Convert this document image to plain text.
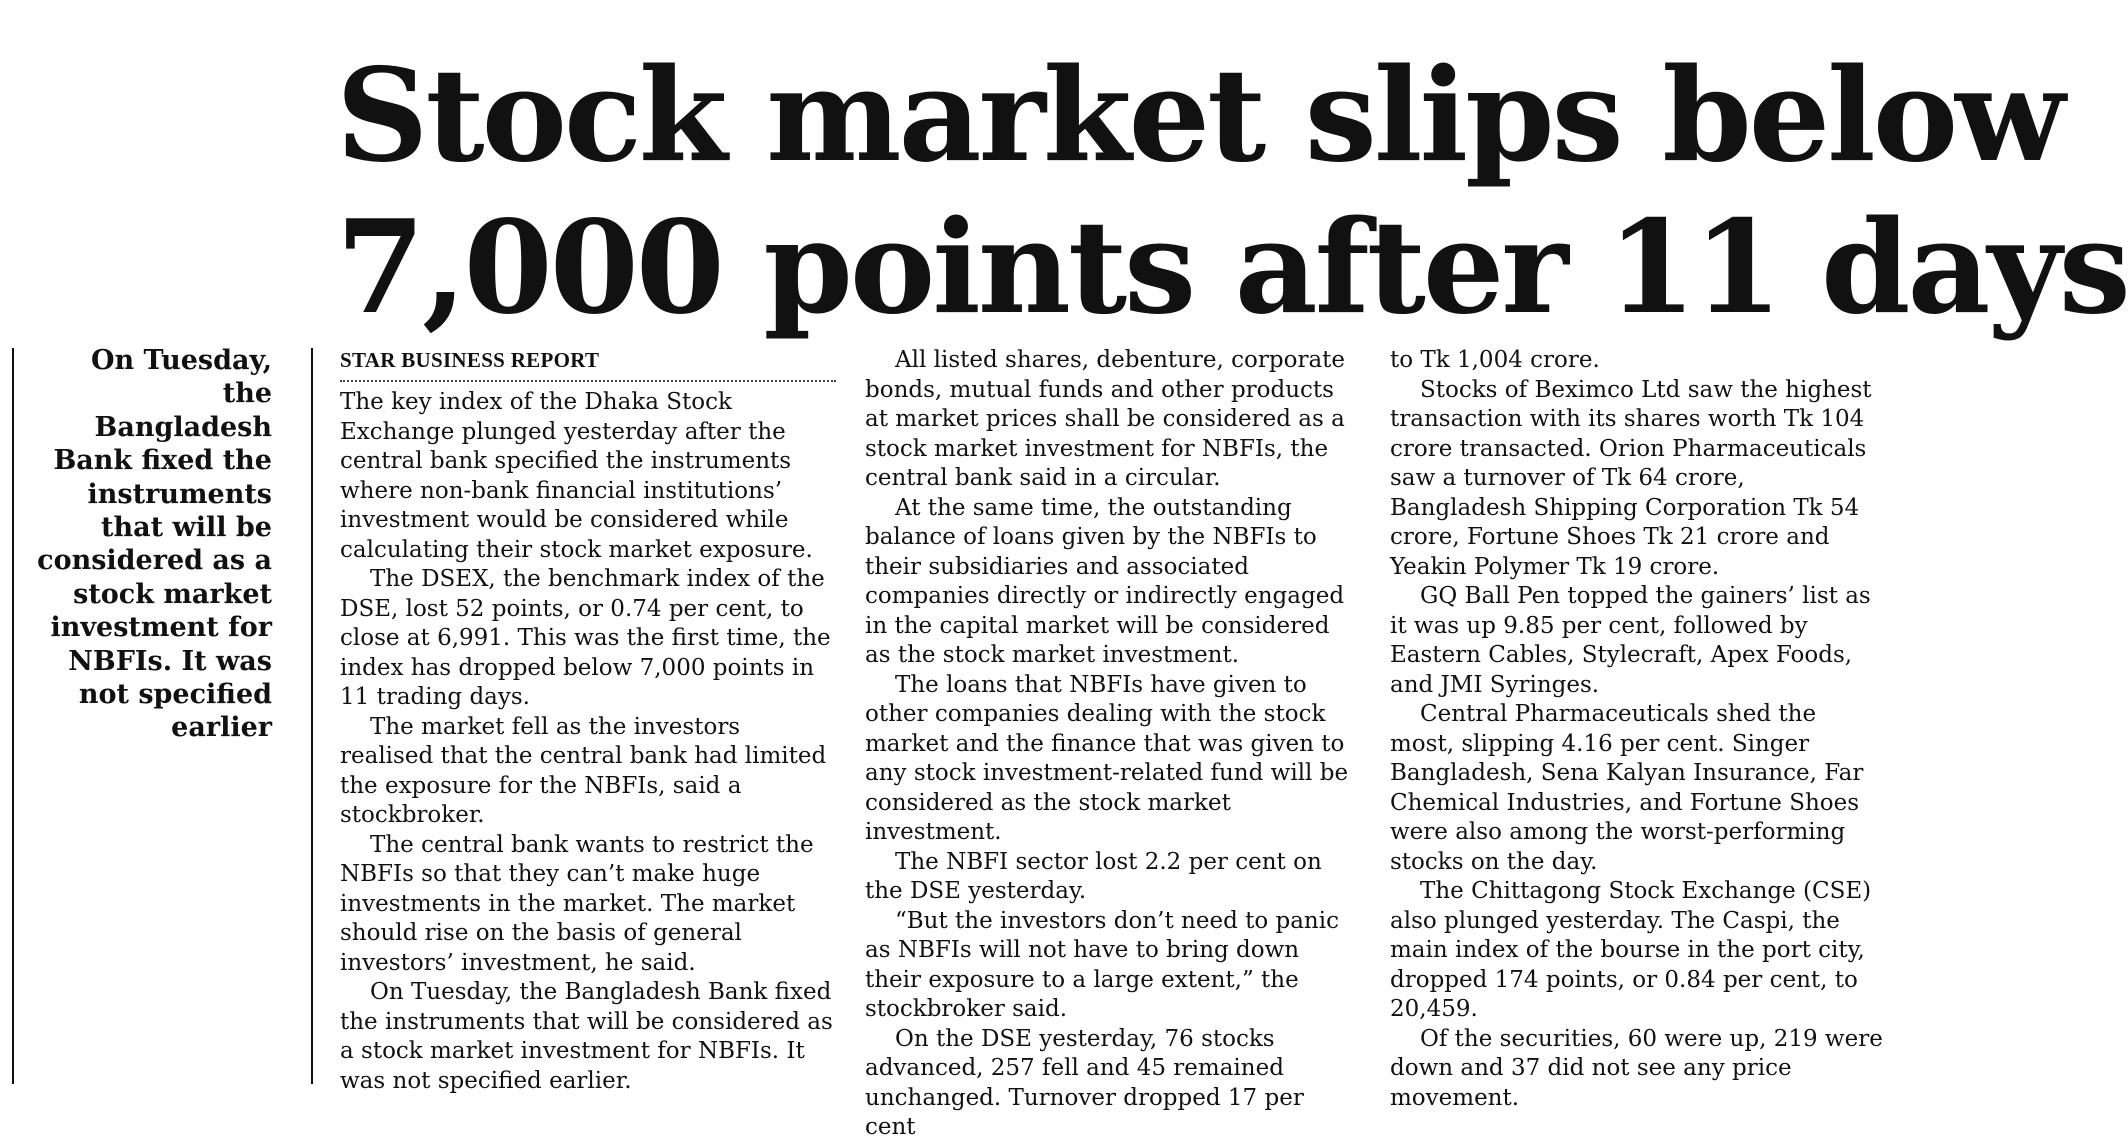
Stock market slips below
7,000 points after 11 days

On Tuesday, the Bangladesh Bank fixed the instruments that will be considered as a stock market investment for NBFIs. It was not specified earlier

STAR BUSINESS REPORT

The key index of the Dhaka Stock Exchange plunged yesterday after the central bank specified the instruments where non-bank financial institutions’ investment would be considered while calculating their stock market exposure.

The DSEX, the benchmark index of the DSE, lost 52 points, or 0.74 per cent, to close at 6,991. This was the first time, the index has dropped below 7,000 points in 11 trading days.

The market fell as the investors realised that the central bank had limited the exposure for the NBFIs, said a stockbroker.

The central bank wants to restrict the NBFIs so that they can’t make huge investments in the market. The market should rise on the basis of general investors’ investment, he said.

On Tuesday, the Bangladesh Bank fixed the instruments that will be considered as a stock market investment for NBFIs. It was not specified earlier.

All listed shares, debenture, corporate bonds, mutual funds and other products at market prices shall be considered as a stock market investment for NBFIs, the central bank said in a circular.

At the same time, the outstanding balance of loans given by the NBFIs to their subsidiaries and associated companies directly or indirectly engaged in the capital market will be considered as the stock market investment.

The loans that NBFIs have given to other companies dealing with the stock market and the finance that was given to any stock investment-related fund will be considered as the stock market investment.

The NBFI sector lost 2.2 per cent on the DSE yesterday.

“But the investors don’t need to panic as NBFIs will not have to bring down their exposure to a large extent,” the stockbroker said.

On the DSE yesterday, 76 stocks advanced, 257 fell and 45 remained unchanged. Turnover dropped 17 per cent

to Tk 1,004 crore.

Stocks of Beximco Ltd saw the highest transaction with its shares worth Tk 104 crore transacted. Orion Pharmaceuticals saw a turnover of Tk 64 crore, Bangladesh Shipping Corporation Tk 54 crore, Fortune Shoes Tk 21 crore and Yeakin Polymer Tk 19 crore.

GQ Ball Pen topped the gainers’ list as it was up 9.85 per cent, followed by Eastern Cables, Stylecraft, Apex Foods, and JMI Syringes.

Central Pharmaceuticals shed the most, slipping 4.16 per cent. Singer Bangladesh, Sena Kalyan Insurance, Far Chemical Industries, and Fortune Shoes were also among the worst-performing stocks on the day.

The Chittagong Stock Exchange (CSE) also plunged yesterday. The Caspi, the main index of the bourse in the port city, dropped 174 points, or 0.84 per cent, to 20,459.

Of the securities, 60 were up, 219 were down and 37 did not see any price movement.
